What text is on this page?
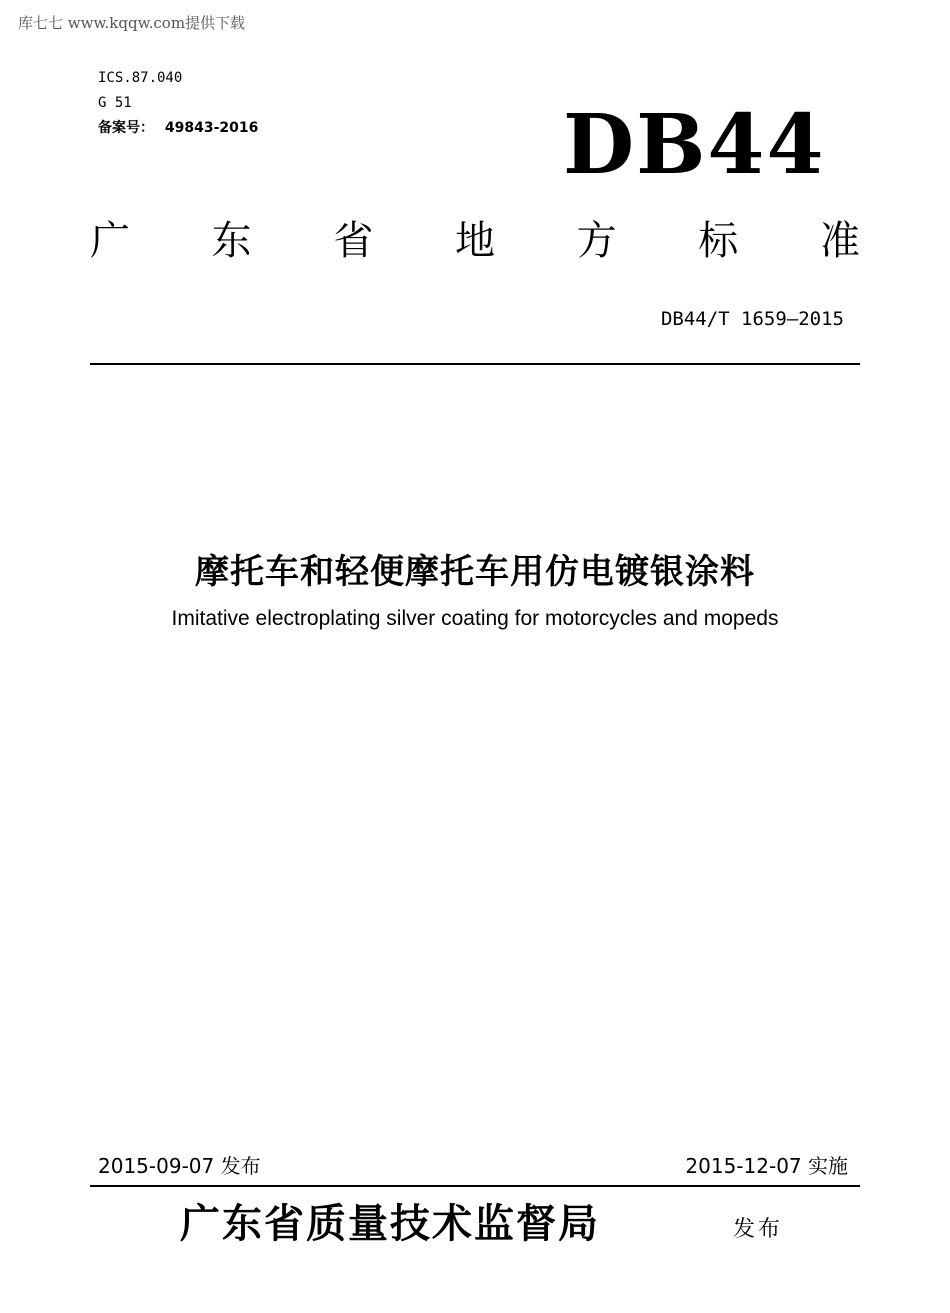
库七七 www.kqqw.com提供下载
ICS.87.040
G 51
备案号： 49843-2016	DB44
广 东 省 地 方 标 准
DB44/T 1659—2015
摩托车和轻便摩托车用仿电镀银涂料
Imitative electroplating silver coating for motorcycles and mopeds
2015-09-07 发布	2015-12-07 实施
广东省质量技术监督局	发布
